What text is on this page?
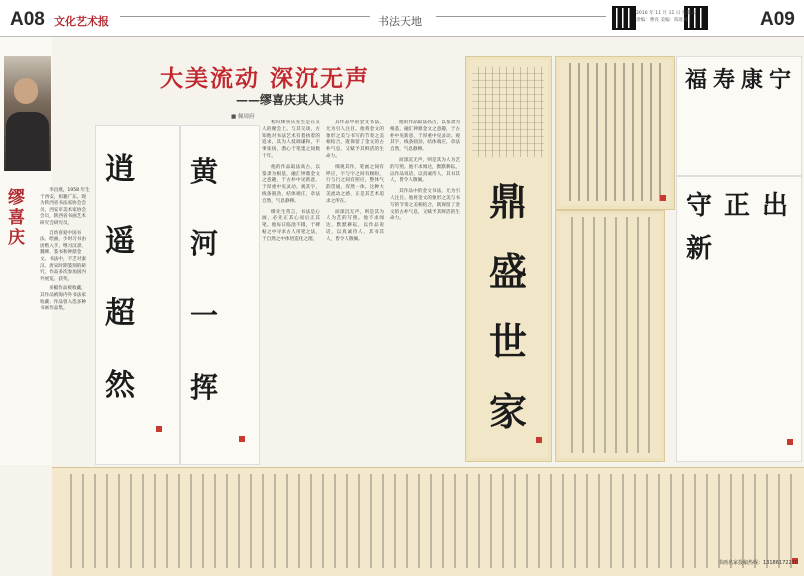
A08 文化艺术报	书法天地
2016 年 11 月 11 日 星期五
责编：曹亮 美编：陈旺辉	A09
缪喜庆

李昌燕，1958 年生于西安，祖籍广东。现为陕西省书法家协会会员，西安市美术家协会会员，陕西省书画艺术研究会研究员。

自幼喜爱中国书法、绘画，少时习书由唐楷入手，继习汉隶、魏碑、篆书和钟鼎金文。书法中，不乏对秦汉、唐宋时期篆刻的研究，作品多次参加国内外展览、获奖。

多幅作品被收藏，其作品被海内外书法家收藏；作品曾入选多种书画作品集。

大美流动 深沉无声
——缪喜庆其人其书
■ 佩周府
逍
遥
超
然
黄
河
一
挥

初识缪喜庆先生是在友人的聚会上。与其交谈，方知他对书法艺术有着执着的追求，其为人低调谦和，不事张扬，潜心于笔墨之间数十年。

他的作品取法高古，以篆隶为根基，融汇钟鼎金文之意趣，于古朴中见新意，于厚重中见灵动。观其字，线条圆劲，结体端庄，章法自然，气息静穆。

缪先生常言，书法是心画，必先正其心而后正其笔。他每日临池不辍，于碑帖之中寻求古人用笔之法，于自然之中体悟造化之理。

其作品中的金文书法，尤为引人注目。他将金文的象形之美与书写的节奏之美相结合，既保留了金文的古朴气息，又赋予其鲜活的生命力。

细观其作，笔画之间有呼应，字与字之间有顾盼，行与行之间有照应，整体气韵贯通，浑然一体。这种大美流动之感，正是其艺术追求之所在。

而深沉无声，则是其为人为艺的写照。他不求闻达，默默耕耘，以作品说话，以真诚待人，其书其人，皆令人敬佩。

鼎
盛
世
家
福 寿 康 宁
守 正 出
新

他的作品取法高古，以篆隶为根基，融汇钟鼎金文之意趣，于古朴中见新意，于厚重中见灵动。观其字，线条圆劲，结体端庄，章法自然，气息静穆。

而深沉无声，则是其为人为艺的写照。他不求闻达，默默耕耘，以作品说话，以真诚待人，其书其人，皆令人敬佩。

其作品中的金文书法，尤为引人注目。他将金文的象形之美与书写的节奏之美相结合，既保留了金文的古朴气息，又赋予其鲜活的生命力。

书画名家投稿热线：13186172270
